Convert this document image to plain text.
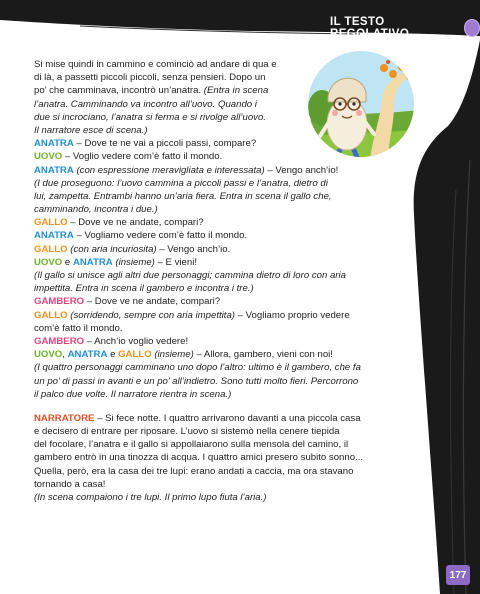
IL TESTO REGOLATIVO
Si mise quindi in cammino e cominciò ad andare di qua e
di là, a passetti piccoli piccoli, senza pensieri. Dopo un
po’ che camminava, incontrò un’anatra. (Entra in scena
l’anatra. Camminando va incontro all’uovo. Quando i
due si incrociano, l’anatra si ferma e si rivolge all’uovo.
Il narratore esce di scena.)
ANATRA – Dove te ne vai a piccoli passi, compare?
UOVO – Voglio vedere com’è fatto il mondo.
ANATRA (con espressione meravigliata e interessata) – Vengo anch’io!
(I due proseguono: l’uovo cammina a piccoli passi e l’anatra, dietro di
lui, zampetta. Entrambi hanno un’aria fiera. Entra in scena il gallo che,
camminando, incontra i due.)
GALLO – Dove ve ne andate, compari?
ANATRA – Vogliamo vedere com’è fatto il mondo.
GALLO (con aria incuriosita) – Vengo anch’io.
UOVO e ANATRA (insieme) – E vieni!
(Il gallo si unisce agli altri due personaggi; cammina dietro di loro con aria
impettita. Entra in scena il gambero e incontra i tre.)
GAMBERO – Dove ve ne andate, compari?
GALLO (sorridendo, sempre con aria impettita) – Vogliamo proprio vedere
com’è fatto il mondo.
GAMBERO – Anch’io voglio vedere!
UOVO, ANATRA e GALLO (insieme) – Allora, gambero, vieni con noi!
(I quattro personaggi camminano uno dopo l’altro: ultimo è il gambero, che fa
un po’ di passi in avanti e un po’ all’indietro. Sono tutti molto fieri. Percorrono
il palco due volte. Il narratore rientra in scena.)
NARRATORE – Si fece notte. I quattro arrivarono davanti a una piccola casa
e decisero di entrare per riposare. L’uovo si sistemò nella cenere tiepida
del focolare, l’anatra e il gallo si appollaiarono sulla mensola del camino, il
gambero entrò in una tinozza di acqua. I quattro amici presero subito sonno...
Quella, però, era la casa dei tre lupi: erano andati a caccia, ma ora stavano
tornando a casa!
(In scena compaiono i tre lupi. Il primo lupo fiuta l’aria.)
177
